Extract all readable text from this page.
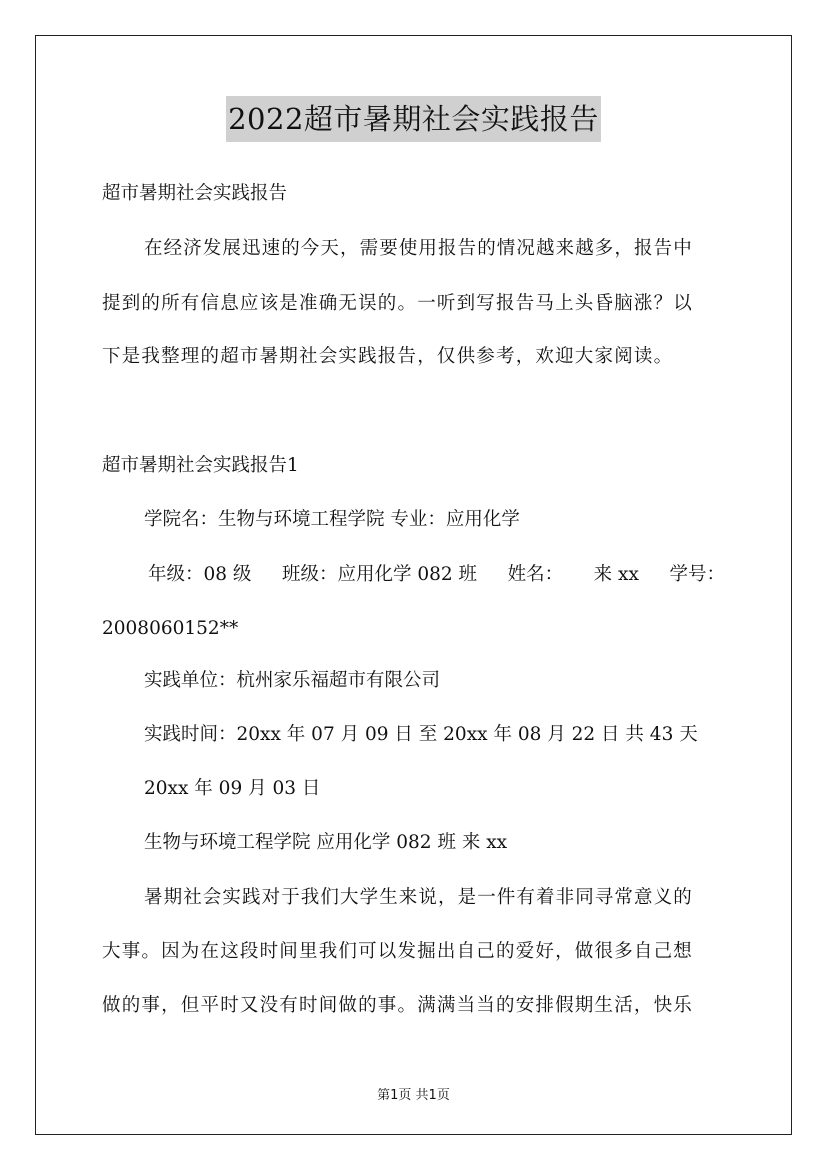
2022超市暑期社会实践报告
超市暑期社会实践报告
在经济发展迅速的今天，需要使用报告的情况越来越多，报告中
提到的所有信息应该是准确无误的。一听到写报告马上头昏脑涨？以
下是我整理的超市暑期社会实践报告，仅供参考，欢迎大家阅读。
超市暑期社会实践报告1
学院名：生物与环境工程学院 专业：应用化学
年级：08 级 班级：应用化学 082 班 姓名： 来 xx 学号：
2008060152**
实践单位：杭州家乐福超市有限公司
实践时间：20xx 年 07 月 09 日 至 20xx 年 08 月 22 日 共 43 天
20xx 年 09 月 03 日
生物与环境工程学院 应用化学 082 班 来 xx
暑期社会实践对于我们大学生来说，是一件有着非同寻常意义的
大事。因为在这段时间里我们可以发掘出自己的爱好，做很多自己想
做的事，但平时又没有时间做的事。满满当当的安排假期生活，快乐
第1页 共1页
